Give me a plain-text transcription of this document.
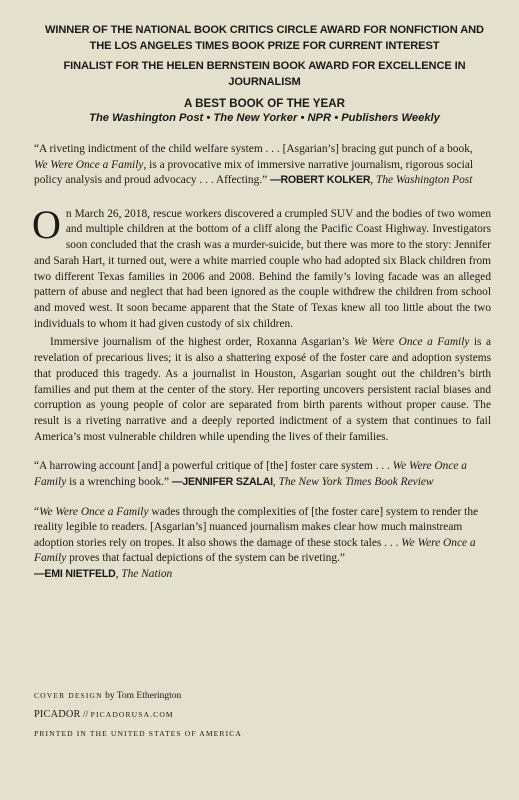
WINNER OF THE NATIONAL BOOK CRITICS CIRCLE AWARD FOR NONFICTION AND
THE LOS ANGELES TIMES BOOK PRIZE FOR CURRENT INTEREST
FINALIST FOR THE HELEN BERNSTEIN BOOK AWARD FOR EXCELLENCE IN JOURNALISM
A BEST BOOK OF THE YEAR
The Washington Post • The New Yorker • NPR • Publishers Weekly
“A riveting indictment of the child welfare system . . . [Asgarian’s] bracing gut punch of a book, We Were Once a Family, is a provocative mix of immersive narrative journalism, rigorous social policy analysis and proud advocacy . . . Affecting.” —ROBERT KOLKER, The Washington Post

On March 26, 2018, rescue workers discovered a crumpled SUV and the bodies of two women and multiple children at the bottom of a cliff along the Pacific Coast Highway. Investigators soon concluded that the crash was a murder-suicide, but there was more to the story: Jennifer and Sarah Hart, it turned out, were a white married couple who had adopted six Black children from two different Texas families in 2006 and 2008. Behind the family’s loving facade was an alleged pattern of abuse and neglect that had been ignored as the couple withdrew the children from school and moved west. It soon became apparent that the State of Texas knew all too little about the two individuals to whom it had given custody of six children.

Immersive journalism of the highest order, Roxanna Asgarian’s We Were Once a Family is a revelation of precarious lives; it is also a shattering exposé of the foster care and adoption systems that produced this tragedy. As a journalist in Houston, Asgarian sought out the children’s birth families and put them at the center of the story. Her reporting uncovers persistent racial biases and corruption as young people of color are separated from birth parents without proper cause. The result is a riveting narrative and a deeply reported indictment of a system that continues to fail America’s most vulnerable children while upending the lives of their families.

“A harrowing account [and] a powerful critique of [the] foster care system . . . We Were Once a Family is a wrenching book.” —JENNIFER SZALAI, The New York Times Book Review
“We Were Once a Family wades through the complexities of [the foster care] system to render the reality legible to readers. [Asgarian’s] nuanced journalism makes clear how much mainstream adoption stories rely on tropes. It also shows the damage of these stock tales . . . We Were Once a Family proves that factual depictions of the system can be riveting.”
—EMI NIETFELD, The Nation
COVER DESIGN by Tom Etherington
PICADOR // PICADORUSA.COM
PRINTED IN THE UNITED STATES OF AMERICA
